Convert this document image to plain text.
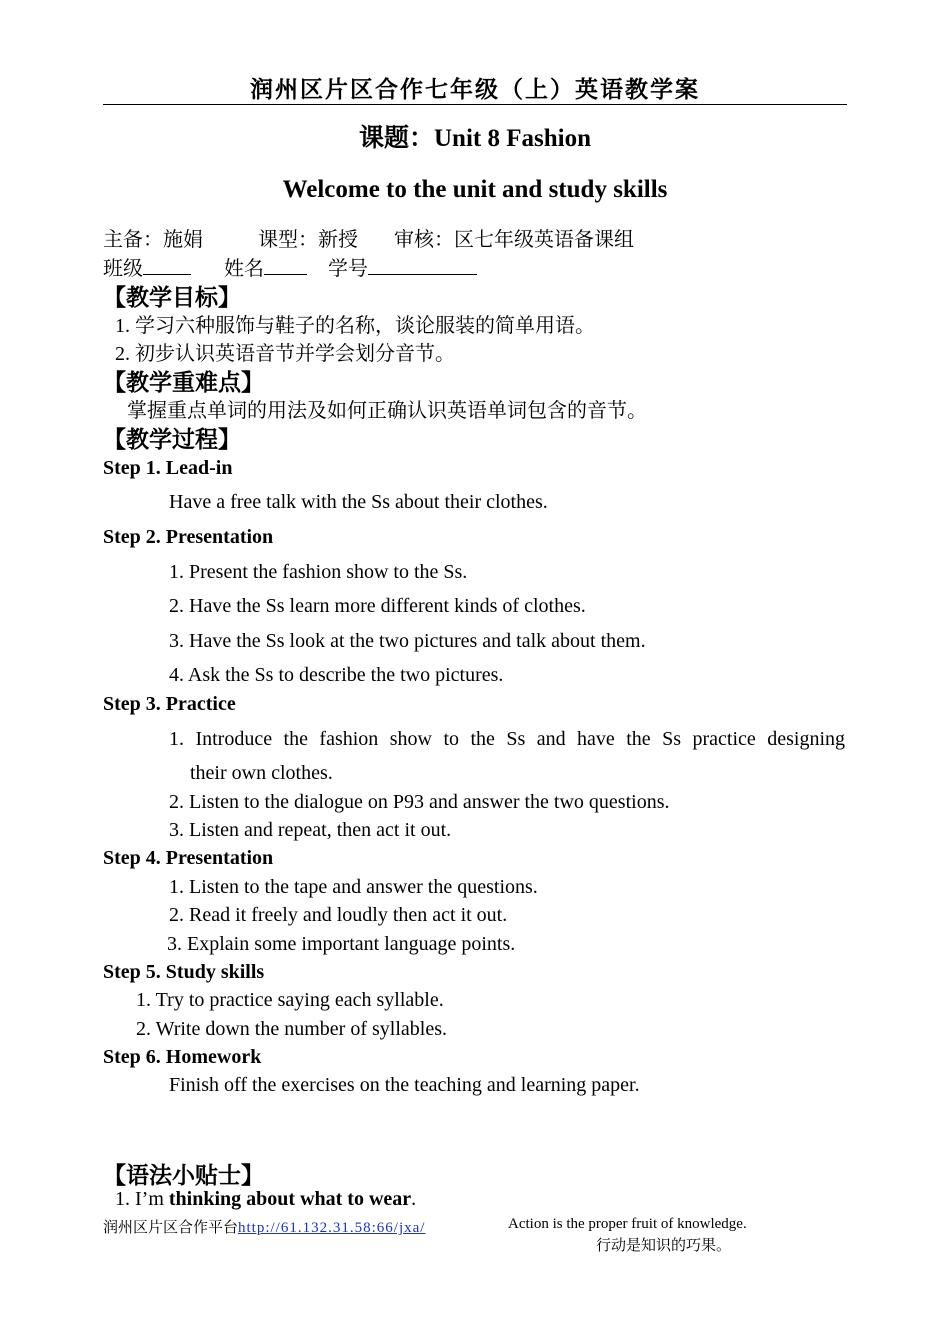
润州区片区合作七年级（上）英语教学案
课题：Unit 8 Fashion
Welcome to the unit and study skills
主备：施娟	课型：新授 审核：区七年级英语备课组
班级	姓名	学号
【教学目标】
1. 学习六种服饰与鞋子的名称，谈论服装的简单用语。
2. 初步认识英语音节并学会划分音节。
【教学重难点】
掌握重点单词的用法及如何正确认识英语单词包含的音节。
【教学过程】
Step 1. Lead-in
Have a free talk with the Ss about their clothes.
Step 2. Presentation
1. Present the fashion show to the Ss.
2. Have the Ss learn more different kinds of clothes.
3. Have the Ss look at the two pictures and talk about them.
4. Ask the Ss to describe the two pictures.
Step 3. Practice
1. Introduce the fashion show to the Ss and have the Ss practice designing
their own clothes.
2. Listen to the dialogue on P93 and answer the two questions.
3. Listen and repeat, then act it out.
Step 4. Presentation
1. Listen to the tape and answer the questions.
2. Read it freely and loudly then act it out.
3. Explain some important language points.
Step 5. Study skills
1. Try to practice saying each syllable.
2. Write down the number of syllables.
Step 6. Homework
Finish off the exercises on the teaching and learning paper.
【语法小贴士】
1. I’m thinking about what to wear.
润州区片区合作平台http://61.132.31.58:66/jxa/	Action is the proper fruit of knowledge.
行动是知识的巧果。
